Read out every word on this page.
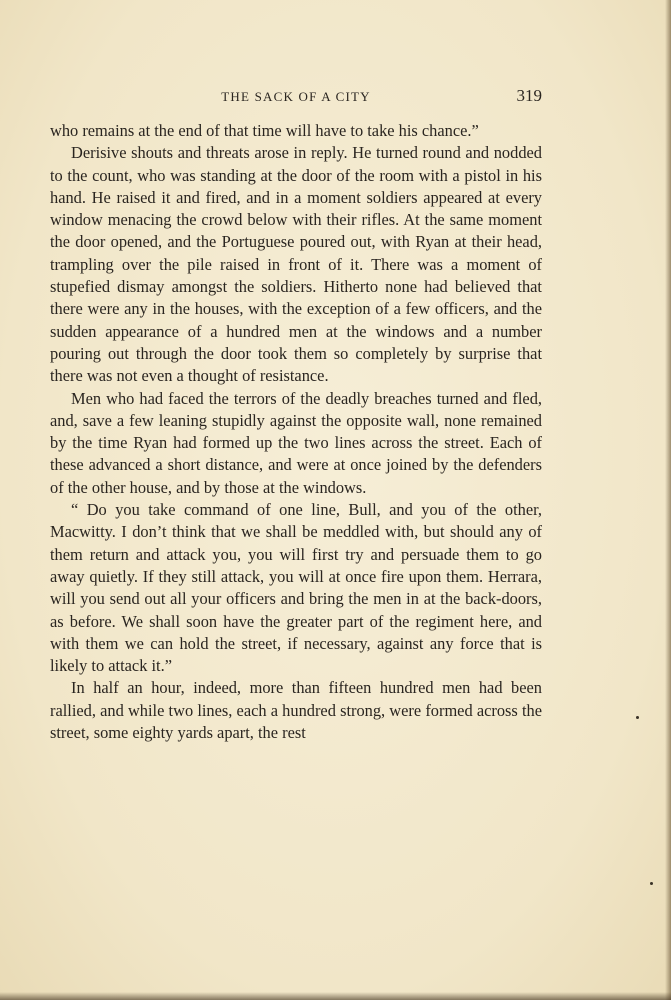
THE SACK OF A CITY	319

who remains at the end of that time will have to take his chance.”

Derisive shouts and threats arose in reply. He turned round and nodded to the count, who was standing at the door of the room with a pistol in his hand. He raised it and fired, and in a moment soldiers appeared at every window menacing the crowd below with their rifles. At the same moment the door opened, and the Portuguese poured out, with Ryan at their head, trampling over the pile raised in front of it. There was a moment of stupefied dismay amongst the soldiers. Hitherto none had believed that there were any in the houses, with the exception of a few officers, and the sudden appearance of a hundred men at the windows and a number pouring out through the door took them so completely by surprise that there was not even a thought of resistance.

Men who had faced the terrors of the deadly breaches turned and fled, and, save a few leaning stupidly against the opposite wall, none remained by the time Ryan had formed up the two lines across the street. Each of these advanced a short distance, and were at once joined by the defenders of the other house, and by those at the windows.

“ Do you take command of one line, Bull, and you of the other, Macwitty. I don’t think that we shall be meddled with, but should any of them return and attack you, you will first try and persuade them to go away quietly. If they still attack, you will at once fire upon them. Herrara, will you send out all your officers and bring the men in at the back-doors, as before. We shall soon have the greater part of the regiment here, and with them we can hold the street, if necessary, against any force that is likely to attack it.”

In half an hour, indeed, more than fifteen hundred men had been rallied, and while two lines, each a hundred strong, were formed across the street, some eighty yards apart, the rest
